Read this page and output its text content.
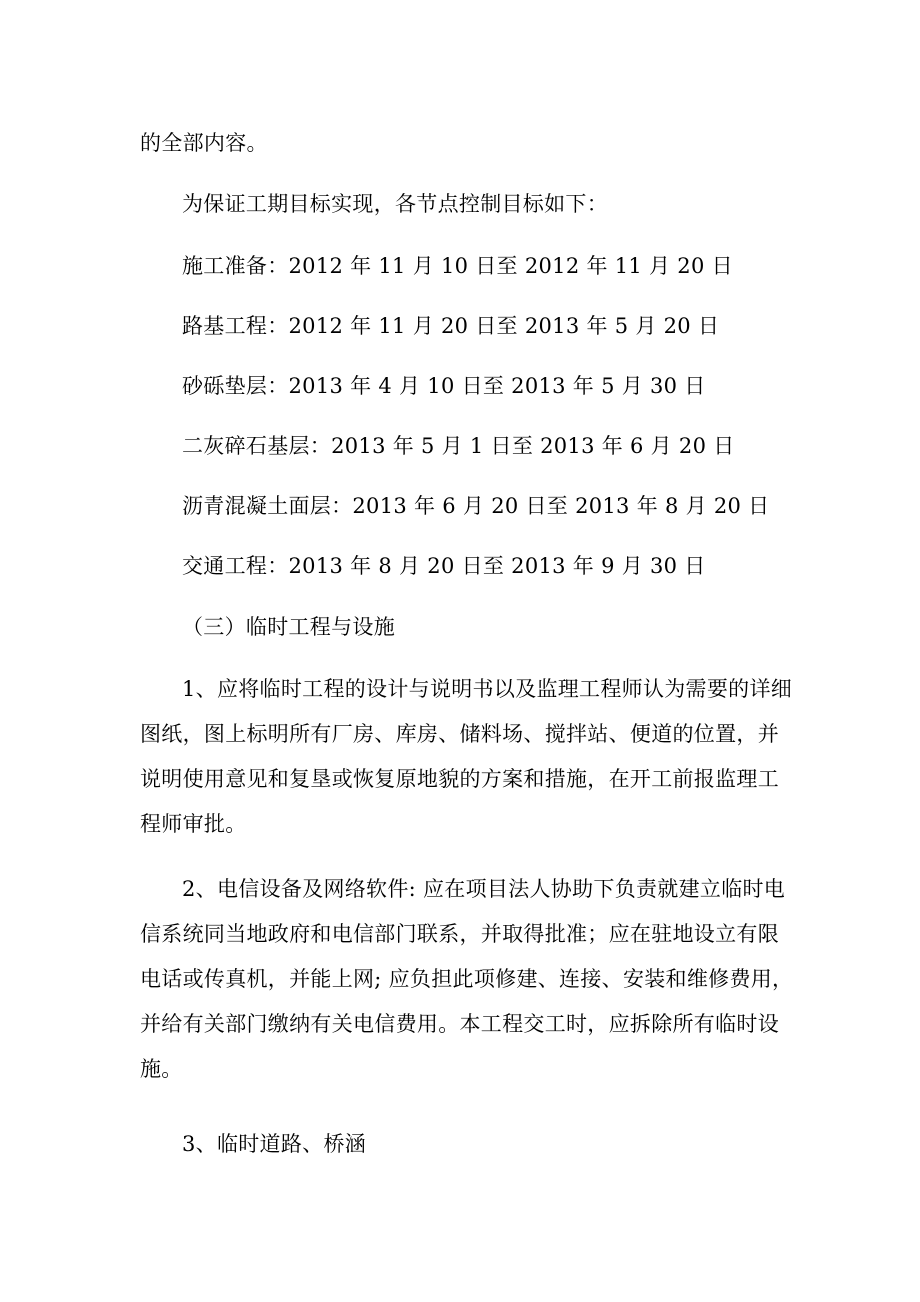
的全部内容。
为保证工期目标实现，各节点控制目标如下：
施工准备：2012 年 11 月 10 日至 2012 年 11 月 20 日
路基工程：2012 年 11 月 20 日至 2013 年 5 月 20 日
砂砾垫层：2013 年 4 月 10 日至 2013 年 5 月 30 日
二灰碎石基层：2013 年 5 月 1 日至 2013 年 6 月 20 日
沥青混凝土面层：2013 年 6 月 20 日至 2013 年 8 月 20 日
交通工程：2013 年 8 月 20 日至 2013 年 9 月 30 日
（三）临时工程与设施
1、应将临时工程的设计与说明书以及监理工程师认为需要的详细
图纸，图上标明所有厂房、库房、储料场、搅拌站、便道的位置，并
说明使用意见和复垦或恢复原地貌的方案和措施，在开工前报监理工
程师审批。
2、电信设备及网络软件: 应在项目法人协助下负责就建立临时电
信系统同当地政府和电信部门联系，并取得批准；应在驻地设立有限
电话或传真机，并能上网; 应负担此项修建、连接、安装和维修费用，
并给有关部门缴纳有关电信费用。本工程交工时，应拆除所有临时设
施。
3、临时道路、桥涵
